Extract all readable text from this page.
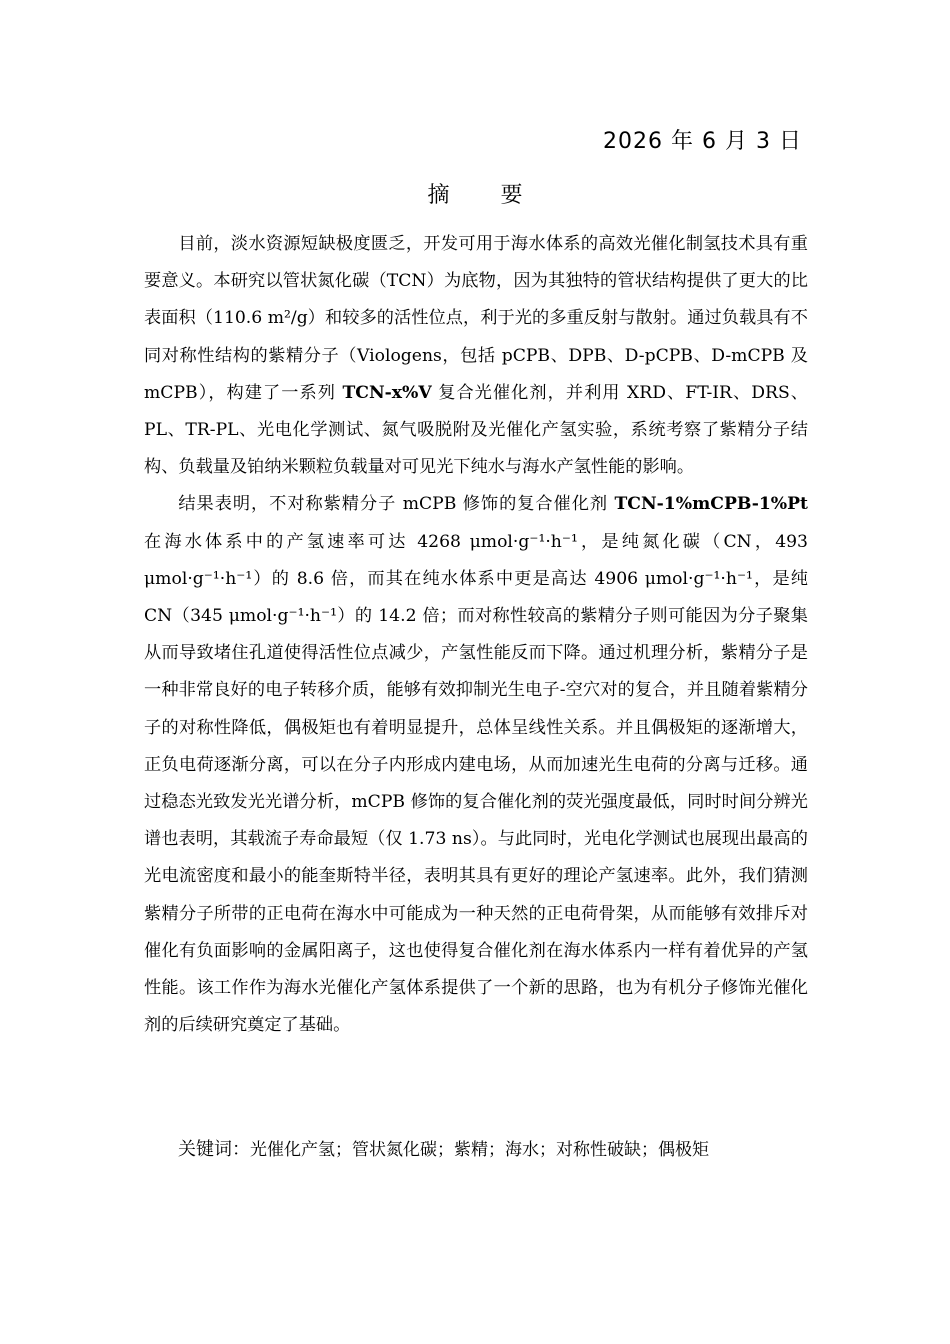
2026 年 6 月 3 日
摘 要

目前，淡水资源短缺极度匮乏，开发可用于海水体系的高效光催化制氢技术具有重要意义。本研究以管状氮化碳（TCN）为底物，因为其独特的管状结构提供了更大的比表面积（110.6 m²/g）和较多的活性位点，利于光的多重反射与散射。通过负载具有不同对称性结构的紫精分子（Viologens，包括 pCPB、DPB、D-pCPB、D-mCPB 及 mCPB），构建了一系列 TCN-x%V 复合光催化剂，并利用 XRD、FT-IR、DRS、PL、TR-PL、光电化学测试、氮气吸脱附及光催化产氢实验，系统考察了紫精分子结构、负载量及铂纳米颗粒负载量对可见光下纯水与海水产氢性能的影响。

结果表明，不对称紫精分子 mCPB 修饰的复合催化剂 TCN-1%mCPB-1%Pt 在海水体系中的产氢速率可达 4268 μmol·g⁻¹·h⁻¹，是纯氮化碳（CN，493 μmol·g⁻¹·h⁻¹）的 8.6 倍，而其在纯水体系中更是高达 4906 μmol·g⁻¹·h⁻¹，是纯 CN（345 μmol·g⁻¹·h⁻¹）的 14.2 倍；而对称性较高的紫精分子则可能因为分子聚集从而导致堵住孔道使得活性位点减少，产氢性能反而下降。通过机理分析，紫精分子是一种非常良好的电子转移介质，能够有效抑制光生电子-空穴对的复合，并且随着紫精分子的对称性降低，偶极矩也有着明显提升，总体呈线性关系。并且偶极矩的逐渐增大，正负电荷逐渐分离，可以在分子内形成内建电场，从而加速光生电荷的分离与迁移。通过稳态光致发光光谱分析，mCPB 修饰的复合催化剂的荧光强度最低，同时时间分辨光谱也表明，其载流子寿命最短（仅 1.73 ns）。与此同时，光电化学测试也展现出最高的光电流密度和最小的能奎斯特半径，表明其具有更好的理论产氢速率。此外，我们猜测紫精分子所带的正电荷在海水中可能成为一种天然的正电荷骨架，从而能够有效排斥对催化有负面影响的金属阳离子，这也使得复合催化剂在海水体系内一样有着优异的产氢性能。该工作作为海水光催化产氢体系提供了一个新的思路，也为有机分子修饰光催化剂的后续研究奠定了基础。

关键词：光催化产氢；管状氮化碳；紫精；海水；对称性破缺；偶极矩
